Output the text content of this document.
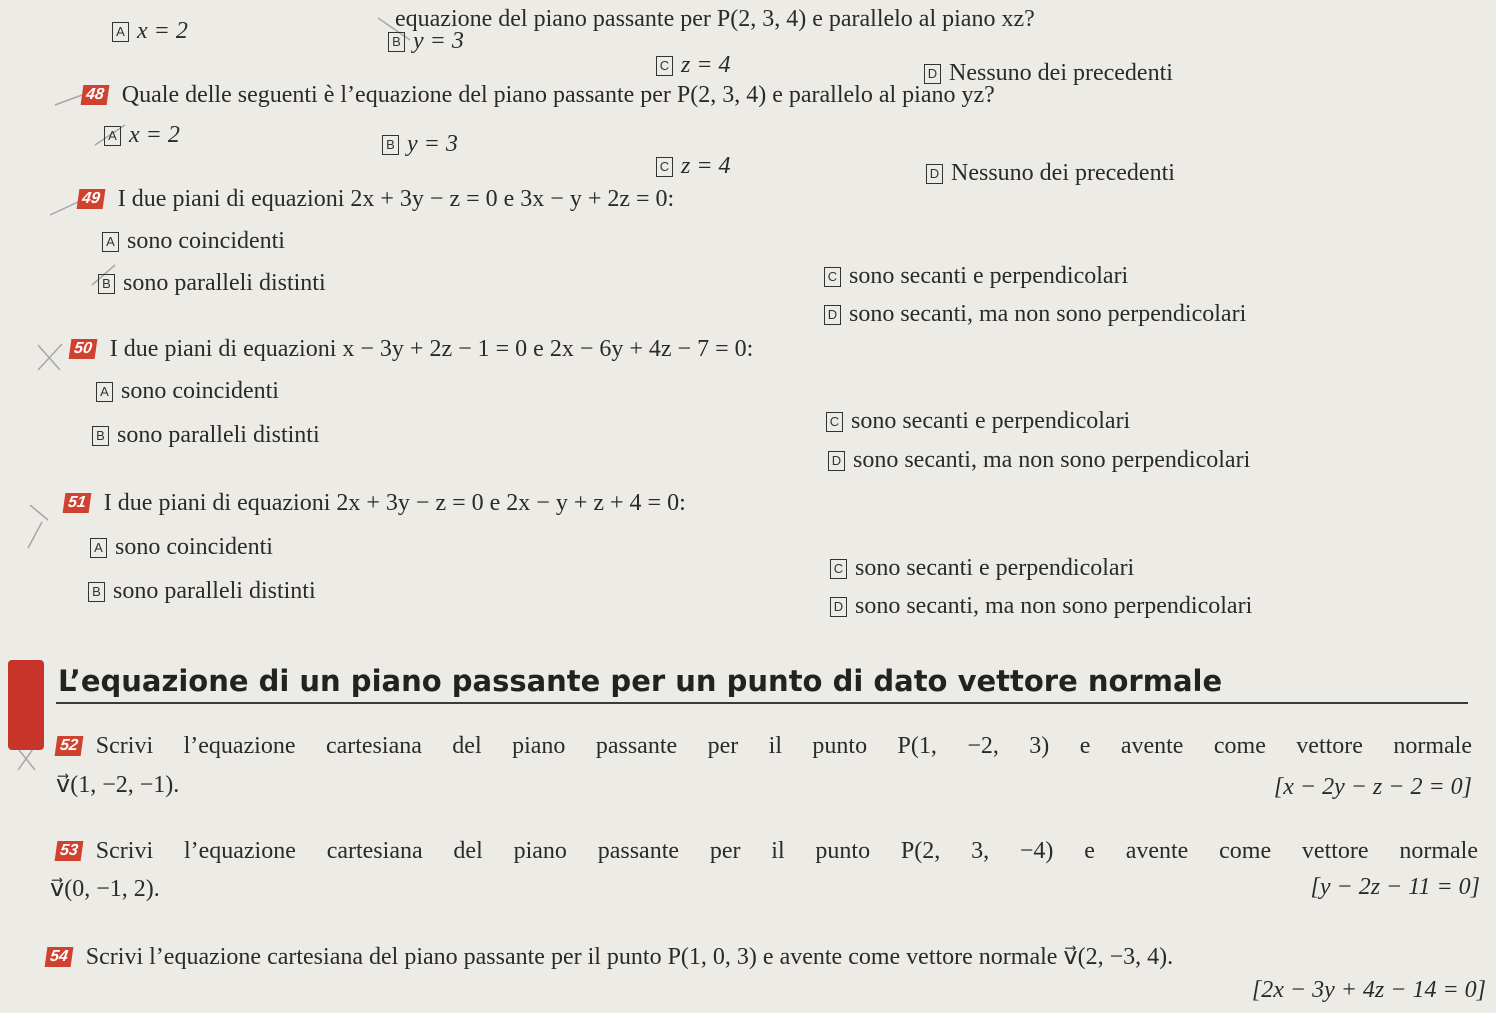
equazione del piano passante per P(2, 3, 4) e parallelo al piano xz?
A x = 2	B y = 3
C z = 4	D Nessuno dei precedenti
48 Quale delle seguenti è l’equazione del piano passante per P(2, 3, 4) e parallelo al piano yz?
A x = 2	B y = 3
C z = 4	D Nessuno dei precedenti
49 I due piani di equazioni 2x + 3y − z = 0 e 3x − y + 2z = 0:
A sono coincidenti
B sono paralleli distinti	C sono secanti e perpendicolari
D sono secanti, ma non sono perpendicolari
50 I due piani di equazioni x − 3y + 2z − 1 = 0 e 2x − 6y + 4z − 7 = 0:
A sono coincidenti
B sono paralleli distinti
C sono secanti e perpendicolari
D sono secanti, ma non sono perpendicolari
51 I due piani di equazioni 2x + 3y − z = 0 e 2x − y + z + 4 = 0:
A sono coincidenti
B sono paralleli distinti
C sono secanti e perpendicolari
D sono secanti, ma non sono perpendicolari
L’equazione di un piano passante per un punto di dato vettore normale
52 Scrivi l’equazione cartesiana del piano passante per il punto P(1, −2, 3) e avente come vettore normale
v⃗(1, −2, −1).	[x − 2y − z − 2 = 0]
53 Scrivi l’equazione cartesiana del piano passante per il punto P(2, 3, −4) e avente come vettore normale
v⃗(0, −1, 2).	[y − 2z − 11 = 0]
54 Scrivi l’equazione cartesiana del piano passante per il punto P(1, 0, 3) e avente come vettore normale v⃗(2, −3, 4).
[2x − 3y + 4z − 14 = 0]
